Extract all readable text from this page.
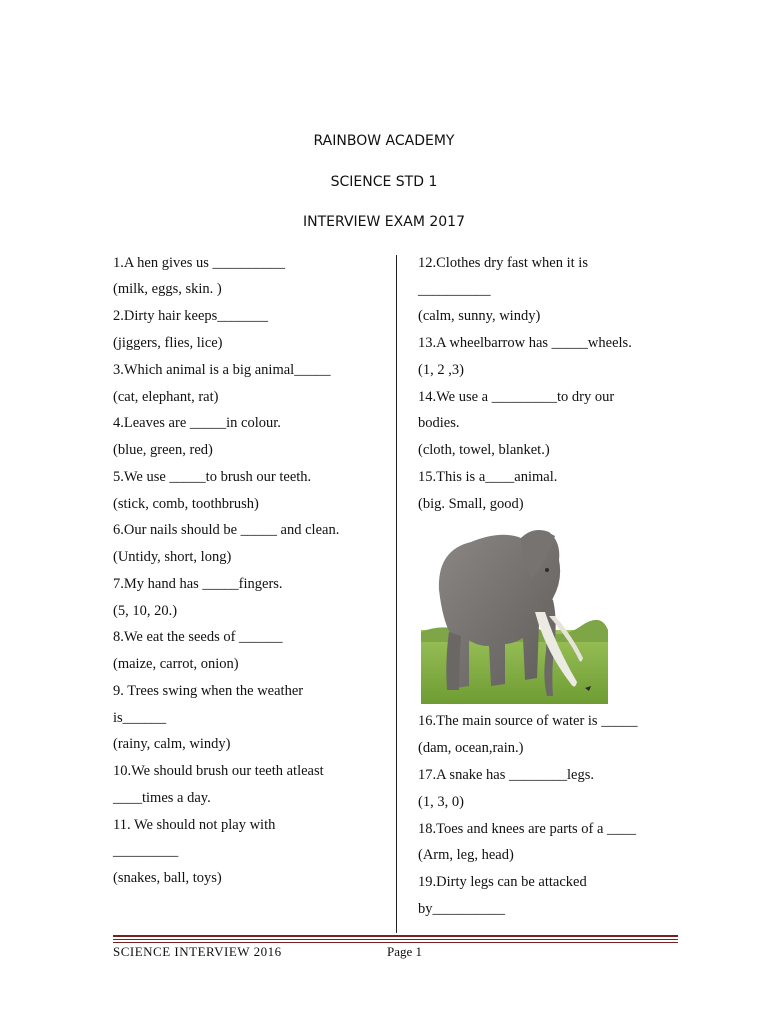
RAINBOW ACADEMY
SCIENCE STD 1
INTERVIEW EXAM 2017
1.A hen gives us __________
(milk, eggs, skin. )
2.Dirty hair keeps_______
(jiggers, flies, lice)
3.Which animal is a big animal_____
(cat, elephant, rat)
4.Leaves are _____in colour.
(blue, green, red)
5.We use _____to brush our teeth.
(stick, comb, toothbrush)
6.Our nails should be _____ and clean.
(Untidy, short, long)
7.My hand has _____fingers.
(5, 10, 20.)
8.We eat the seeds of ______
(maize, carrot, onion)
9. Trees swing when the weather
is______
(rainy, calm, windy)
10.We should brush our teeth atleast
____times a day.
11. We should not play with
_________
(snakes, ball, toys)
12.Clothes dry fast when it is
__________
(calm, sunny, windy)
13.A wheelbarrow has _____wheels.
(1, 2 ,3)
14.We use a _________to dry our
bodies.
(cloth, towel, blanket.)
15.This is a____animal.
(big. Small, good)
16.The main source of water is _____
(dam, ocean,rain.)
17.A snake has ________legs.
(1, 3, 0)
18.Toes and knees are parts of a ____
(Arm, leg, head)
19.Dirty legs can be attacked
by__________
SCIENCE INTERVIEW 2016	Page 1
